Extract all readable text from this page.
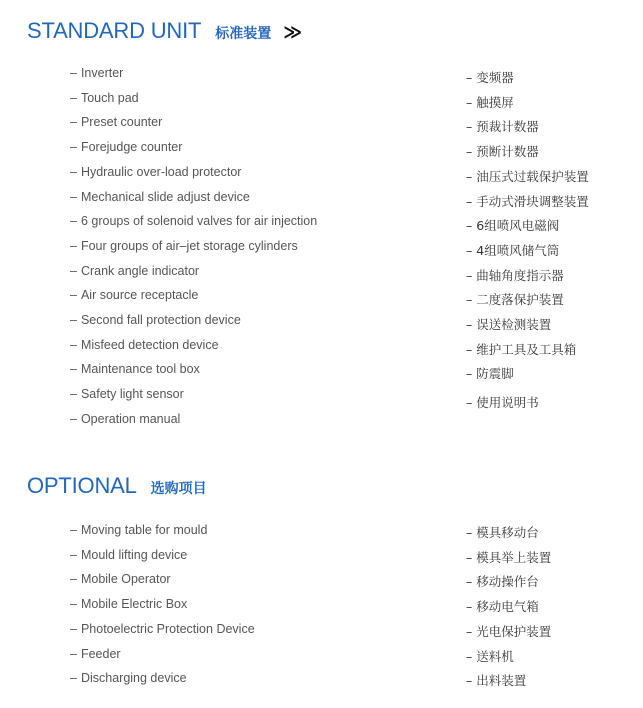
STANDARD UNIT 标准装置 ≫
– Inverter
– Touch pad
– Preset counter
– Forejudge counter
– Hydraulic over-load protector
– Mechanical slide adjust device
– 6 groups of solenoid valves for air injection
– Four groups of air–jet storage cylinders
– Crank angle indicator
– Air source receptacle
– Second fall protection device
– Misfeed detection device
– Maintenance tool box
– Safety light sensor
– Operation manual
– 变频器
– 触摸屏
– 预裁计数器
– 预断计数器
– 油压式过载保护装置
– 手动式滑块调整装置
– 6组喷风电磁阀
– 4组喷风储气筒
– 曲轴角度指示器
– 二度落保护装置
– 误送检测装置
– 维护工具及工具箱
– 防震脚
– 使用说明书
OPTIONAL 选购项目
– Moving table for mould
– Mould lifting device
– Mobile Operator
– Mobile Electric Box
– Photoelectric Protection Device
– Feeder
– Discharging device
– 模具移动台
– 模具举上装置
– 移动操作台
– 移动电气箱
– 光电保护装置
– 送料机
– 出料装置
